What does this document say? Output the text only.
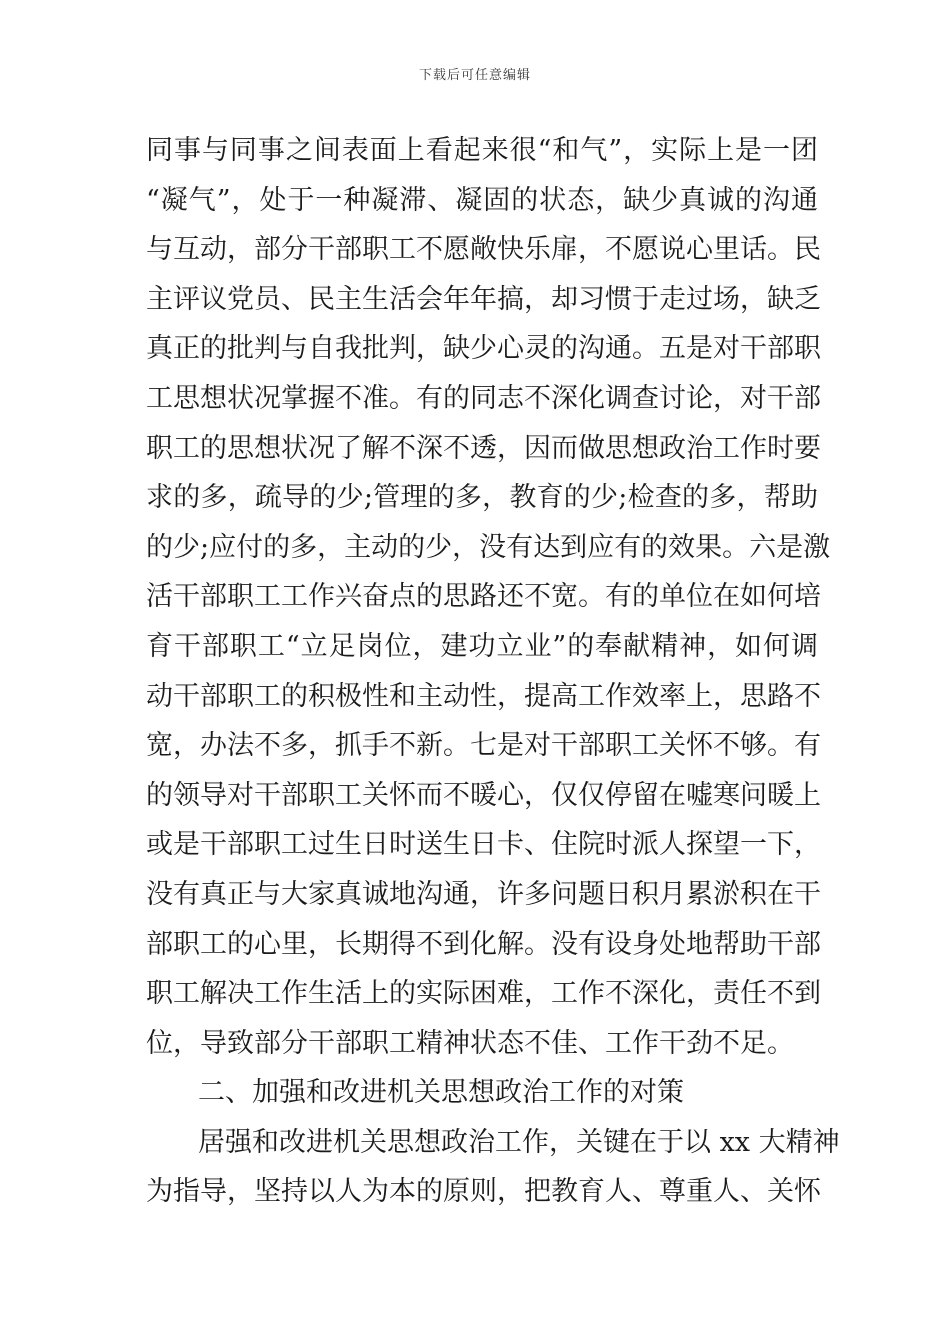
下载后可任意编辑
同事与同事之间表面上看起来很“和气”，实际上是一团
“凝气”，处于一种凝滞、凝固的状态，缺少真诚的沟通
与互动，部分干部职工不愿敞快乐扉，不愿说心里话。民
主评议党员、民主生活会年年搞，却习惯于走过场，缺乏
真正的批判与自我批判，缺少心灵的沟通。五是对干部职
工思想状况掌握不准。有的同志不深化调查讨论，对干部
职工的思想状况了解不深不透，因而做思想政治工作时要
求的多，疏导的少;管理的多，教育的少;检查的多，帮助
的少;应付的多，主动的少，没有达到应有的效果。六是激
活干部职工工作兴奋点的思路还不宽。有的单位在如何培
育干部职工“立足岗位，建功立业”的奉献精神，如何调
动干部职工的积极性和主动性，提高工作效率上，思路不
宽，办法不多，抓手不新。七是对干部职工关怀不够。有
的领导对干部职工关怀而不暖心，仅仅停留在嘘寒问暖上
或是干部职工过生日时送生日卡、住院时派人探望一下，
没有真正与大家真诚地沟通，许多问题日积月累淤积在干
部职工的心里，长期得不到化解。没有设身处地帮助干部
职工解决工作生活上的实际困难，工作不深化，责任不到
位，导致部分干部职工精神状态不佳、工作干劲不足。
二、加强和改进机关思想政治工作的对策
居强和改进机关思想政治工作，关键在于以 xx 大精神
为指导，坚持以人为本的原则，把教育人、尊重人、关怀
